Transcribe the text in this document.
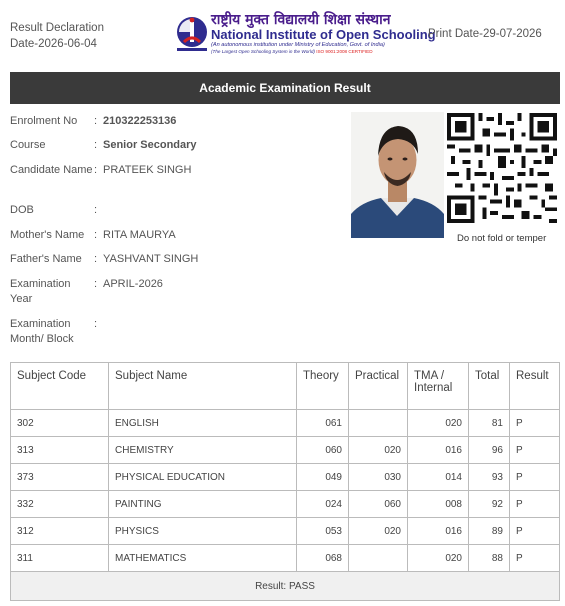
Result Declaration
Date-2026-06-04
राष्ट्रीय मुक्त विद्यालयी शिक्षा संस्थान
National Institute of Open Schooling
(An autonomous institution under Ministry of Education, Govt. of India)
(The Largest Open Schooling System in the World) ISO 9001:2008 CERTIFIED
Print Date-29-07-2026
Academic Examination Result
Enrolment No	: 210322253136
Course	: Senior Secondary
Candidate Name : PRATEEK SINGH
DOB	:
Mother's Name : RITA MAURYA
Father's Name	: YASHVANT SINGH
Examination Year
: APRIL-2026
Examination Month/ Block
:
Do not fold or temper
Subject Code	Subject Name	Theory	Practical	TMA / Internal	Total	Result
302	ENGLISH	061		020	81	P
313	CHEMISTRY	060	020	016	96	P
373	PHYSICAL EDUCATION	049	030	014	93	P
332	PAINTING	024	060	008	92	P
312	PHYSICS	053	020	016	89	P
311	MATHEMATICS	068		020	88	P
Result: PASS						
